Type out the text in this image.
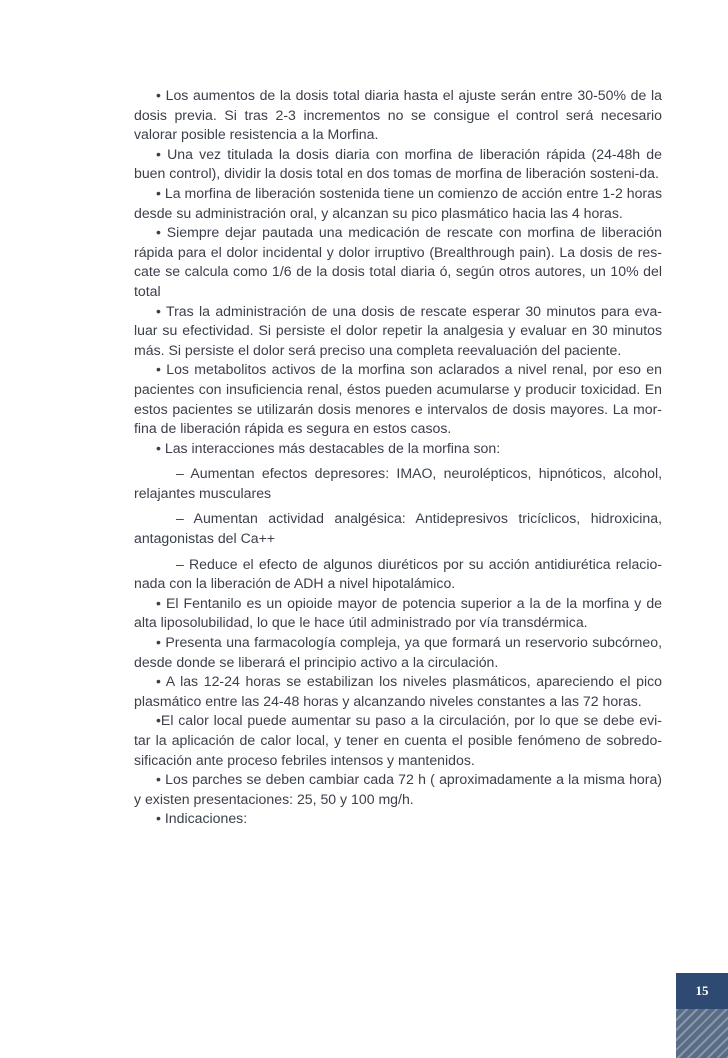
• Los aumentos de la dosis total diaria hasta el ajuste serán entre 30-50% de la dosis previa. Si tras 2-3 incrementos no se consigue el control será necesario valorar posible resistencia a la Morfina.

• Una vez titulada la dosis diaria con morfina de liberación rápida (24-48h de buen control), dividir la dosis total en dos tomas de morfina de liberación sosteni-da.

• La morfina de liberación sostenida tiene un comienzo de acción entre 1-2 horas desde su administración oral, y alcanzan su pico plasmático hacia las 4 horas.

• Siempre dejar pautada una medicación de rescate con morfina de liberación rápida para el dolor incidental y dolor irruptivo (Brealthrough pain). La dosis de res-cate se calcula como 1/6 de la dosis total diaria ó, según otros autores, un 10% del total

• Tras la administración de una dosis de rescate esperar 30 minutos para eva-luar su efectividad. Si persiste el dolor repetir la analgesia y evaluar en 30 minutos más. Si persiste el dolor será preciso una completa reevaluación del paciente.

• Los metabolitos activos de la morfina son aclarados a nivel renal, por eso en pacientes con insuficiencia renal, éstos pueden acumularse y producir toxicidad. En estos pacientes se utilizarán dosis menores e intervalos de dosis mayores. La mor-fina de liberación rápida es segura en estos casos.

• Las interacciones más destacables de la morfina son:

– Aumentan efectos depresores: IMAO, neurolépticos, hipnóticos, alcohol, relajantes musculares

– Aumentan actividad analgésica: Antidepresivos tricíclicos, hidroxicina, antagonistas del Ca++

– Reduce el efecto de algunos diuréticos por su acción antidiurética relacio-nada con la liberación de ADH a nivel hipotalámico.

• El Fentanilo es un opioide mayor de potencia superior a la de la morfina y de alta liposolubilidad, lo que le hace útil administrado por vía transdérmica.

• Presenta una farmacología compleja, ya que formará un reservorio subcórneo, desde donde se liberará el principio activo a la circulación.

• A las 12-24 horas se estabilizan los niveles plasmáticos, apareciendo el pico plasmático entre las 24-48 horas y alcanzando niveles constantes a las 72 horas.

•El calor local puede aumentar su paso a la circulación, por lo que se debe evi-tar la aplicación de calor local, y tener en cuenta el posible fenómeno de sobredo-sificación ante proceso febriles intensos y mantenidos.

• Los parches se deben cambiar cada 72 h ( aproximadamente a la misma hora) y existen presentaciones: 25, 50 y 100 mg/h.

• Indicaciones:

15
